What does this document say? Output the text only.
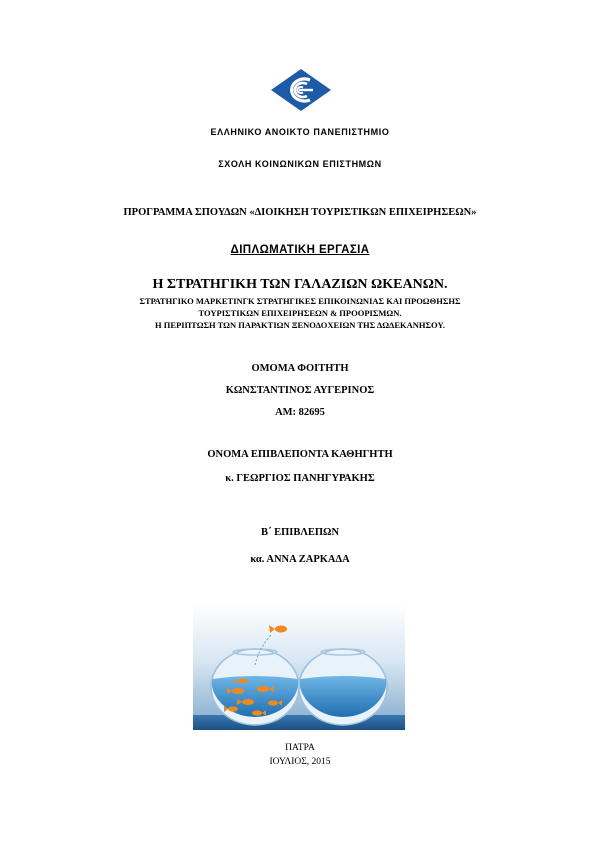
ΕΛΛΗΝΙΚΟ ΑΝΟΙΚΤΟ ΠΑΝΕΠΙΣΤΗΜΙΟ
ΣΧΟΛΗ ΚΟΙΝΩΝΙΚΩΝ ΕΠΙΣΤΗΜΩΝ
ΠΡΟΓΡΑΜΜΑ ΣΠΟΥΔΩΝ «ΔΙΟΙΚΗΣΗ ΤΟΥΡΙΣΤΙΚΩΝ ΕΠΙΧΕΙΡΗΣΕΩΝ»
ΔΙΠΛΩΜΑΤΙΚΗ ΕΡΓΑΣΙΑ
Η ΣΤΡΑΤΗΓΙΚΗ ΤΩΝ ΓΑΛΑΖΙΩΝ ΩΚΕΑΝΩΝ.
ΣΤΡΑΤΗΓΙΚΟ ΜΑΡΚΕΤΙΝΓΚ ΣΤΡΑΤΗΓΙΚΕΣ ΕΠΙΚΟΙΝΩΝΙΑΣ ΚΑΙ ΠΡΟΩΘΗΣΗΣ
ΤΟΥΡΙΣΤΙΚΩΝ ΕΠΙΧΕΙΡΗΣΕΩΝ & ΠΡΟΟΡΙΣΜΩΝ.
Η ΠΕΡΙΠΤΩΣΗ ΤΩΝ ΠΑΡΑΚΤΙΩΝ ΞΕΝΟΔΟΧΕΙΩΝ ΤΗΣ ΔΩΔΕΚΑΝΗΣΟΥ.
ΟΜΟΜΑ ΦΟΙΤΗΤΗ
ΚΩΝΣΤΑΝΤΙΝΟΣ ΑΥΓΕΡΙΝΟΣ
ΑΜ: 82695
ΟΝΟΜΑ ΕΠΙΒΛΕΠΟΝΤΑ ΚΑΘΗΓΗΤΗ
κ. ΓΕΩΡΓΙΟΣ ΠΑΝΗΓΥΡΑΚΗΣ
Β΄ ΕΠΙΒΛΕΠΩΝ
κα. ΑΝΝΑ ΖΑΡΚΑΔΑ
ΠΑΤΡΑ
ΙΟΥΛΙΟΣ, 2015
